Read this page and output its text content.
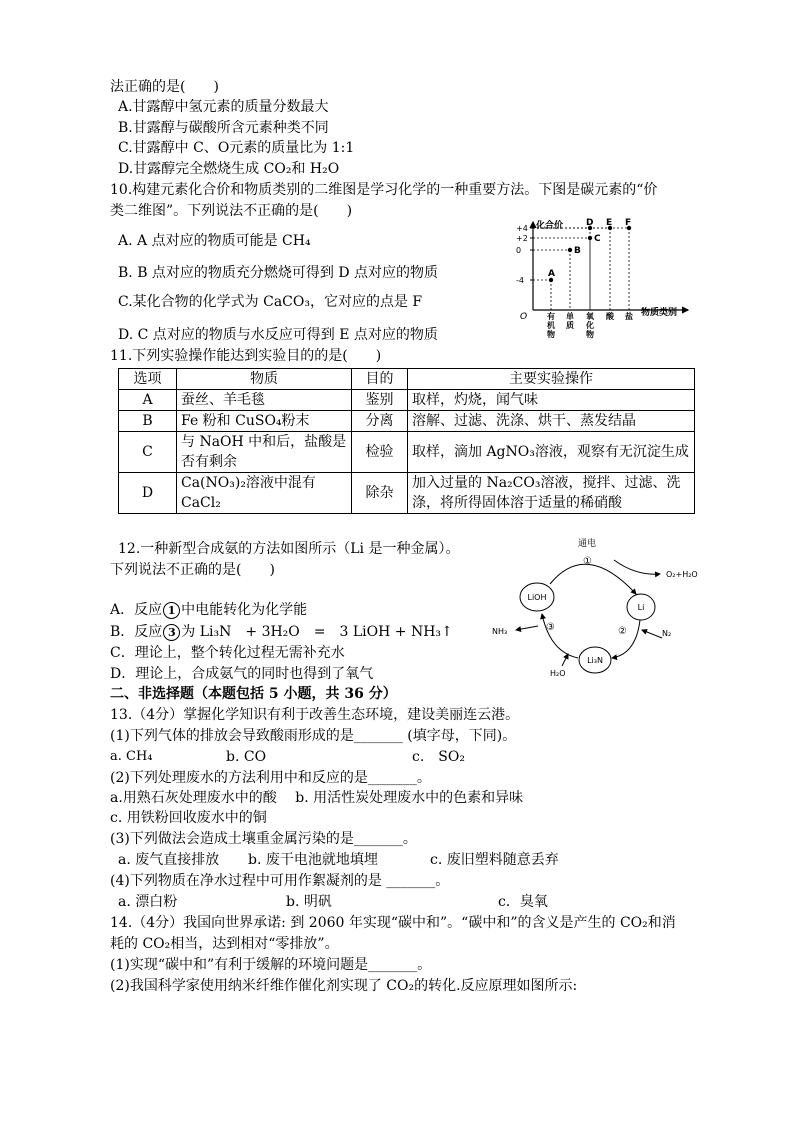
法正确的是(　　)
A.甘露醇中氢元素的质量分数最大
B.甘露醇与碳酸所含元素种类不同
C.甘露醇中 C、O元素的质量比为 1:1
D.甘露醇完全燃烧生成 CO₂和 H₂O
10.构建元素化合价和物质类别的二维图是学习化学的一种重要方法。下图是碳元素的“价
类二维图”。下列说法不正确的是(　　)
A. A 点对应的物质可能是 CH₄
B. B 点对应的物质充分燃烧可得到 D 点对应的物质
C.某化合物的化学式为 CaCO₃，它对应的点是 F
D. C 点对应的物质与水反应可得到 E 点对应的物质
化合价
O
+4
+2
0
-4
A
B
C
D E F
有机物
单质
氧化物
酸 盐 物质类别
11.下列实验操作能达到实验目的的是(　　)
选项	物质	目的	主要实验操作
A	蚕丝、羊毛毯	鉴别	取样，灼烧，闻气味
B	Fe 粉和 CuSO₄粉末	分离	溶解、过滤、洗涤、烘干、蒸发结晶
C	与 NaOH 中和后，盐酸是否有剩余	检验	取样，滴加 AgNO₃溶液，观察有无沉淀生成
D	Ca(NO₃)₂溶液中混有 CaCl₂	除杂	加入过量的 Na₂CO₃溶液，搅拌、过滤、洗涤，将所得固体溶于适量的稀硝酸
12.一种新型合成氨的方法如图所示（Li 是一种金属）。
下列说法不正确的是(　　)
A．反应 1 中电能转化为化学能
B．反应 3 为 Li₃N　+ 3H₂O　=　3 LiOH + NH₃↑
C．理论上，整个转化过程无需补充水
D．理论上，合成氨气的同时也得到了氧气
LiOH
Li
Li₃N
通电
①
②
③
O₂+H₂O
N₂
NH₃
H₂O
二、非选择题（本题包括 5 小题，共 36 分）
13.（4分）掌握化学知识有利于改善生态环境，建设美丽连云港。
(1)下列气体的排放会导致酸雨形成的是_______ (填字母，下同)。
a. CH₄	b. CO	c.　SO₂
(2)下列处理废水的方法利用中和反应的是_______。
a.用熟石灰处理废水中的酸　 b. 用活性炭处理废水中的色素和异味
c. 用铁粉回收废水中的铜
(3)下列做法会造成土壤重金属污染的是_______。
a. 废气直接排放 b. 废干电池就地填埋	c. 废旧塑料随意丢弃
(4)下列物质在净水过程中可用作絮凝剂的是 _______。
a. 漂白粉	b. 明矾	c．臭氧
14.（4分）我国向世界承诺: 到 2060 年实现“碳中和”。“碳中和”的含义是产生的 CO₂和消
耗的 CO₂相当，达到相对“零排放”。
(1)实现“碳中和”有利于缓解的环境问题是_______。
(2)我国科学家使用纳米纤维作催化剂实现了 CO₂的转化.反应原理如图所示:
